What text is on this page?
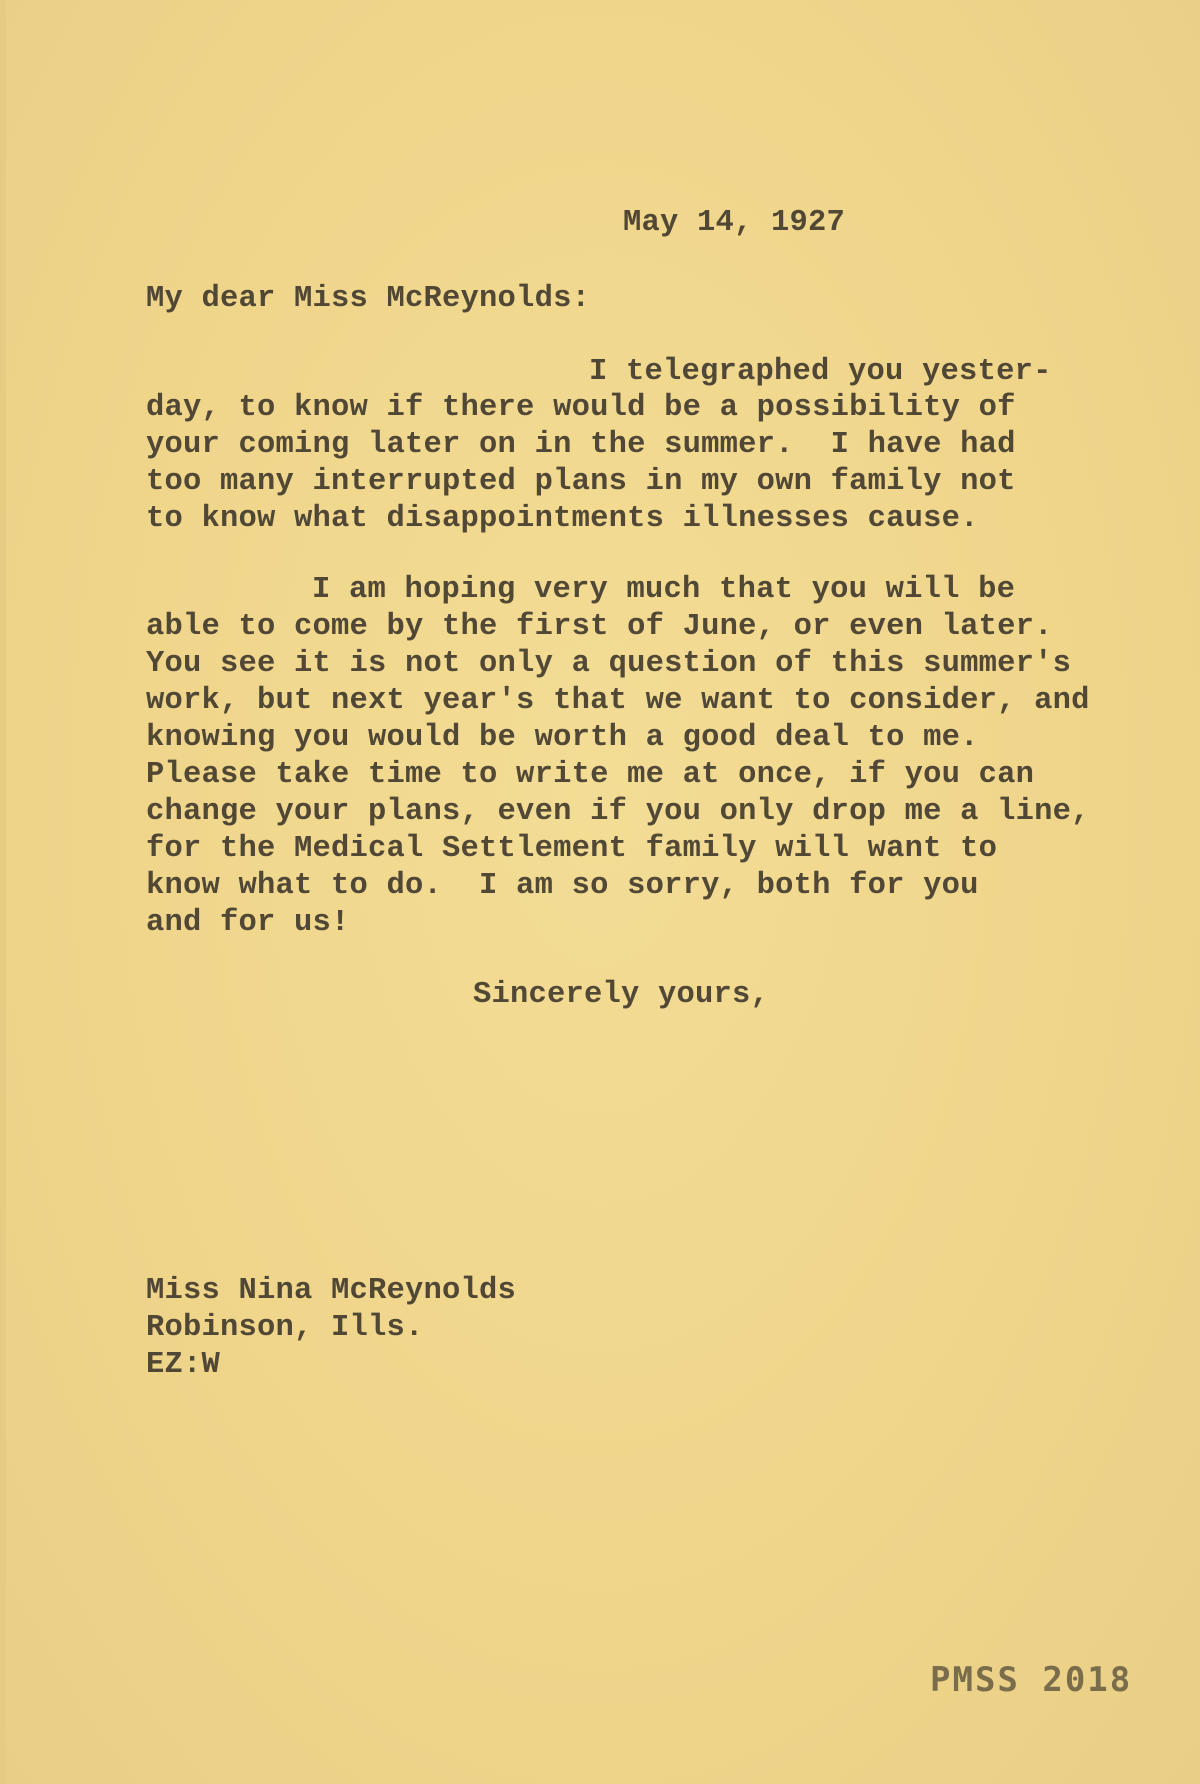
May 14, 1927
My dear Miss McReynolds:
I telegraphed you yester-
day, to know if there would be a possibility of
your coming later on in the summer.  I have had
too many interrupted plans in my own family not
to know what disappointments illnesses cause.
I am hoping very much that you will be
able to come by the first of June, or even later.
You see it is not only a question of this summer's
work, but next year's that we want to consider, and
knowing you would be worth a good deal to me.
Please take time to write me at once, if you can
change your plans, even if you only drop me a line,
for the Medical Settlement family will want to
know what to do.  I am so sorry, both for you
and for us!
Sincerely yours,
Miss Nina McReynolds
Robinson, Ills.
EZ:W
PMSS 2018
